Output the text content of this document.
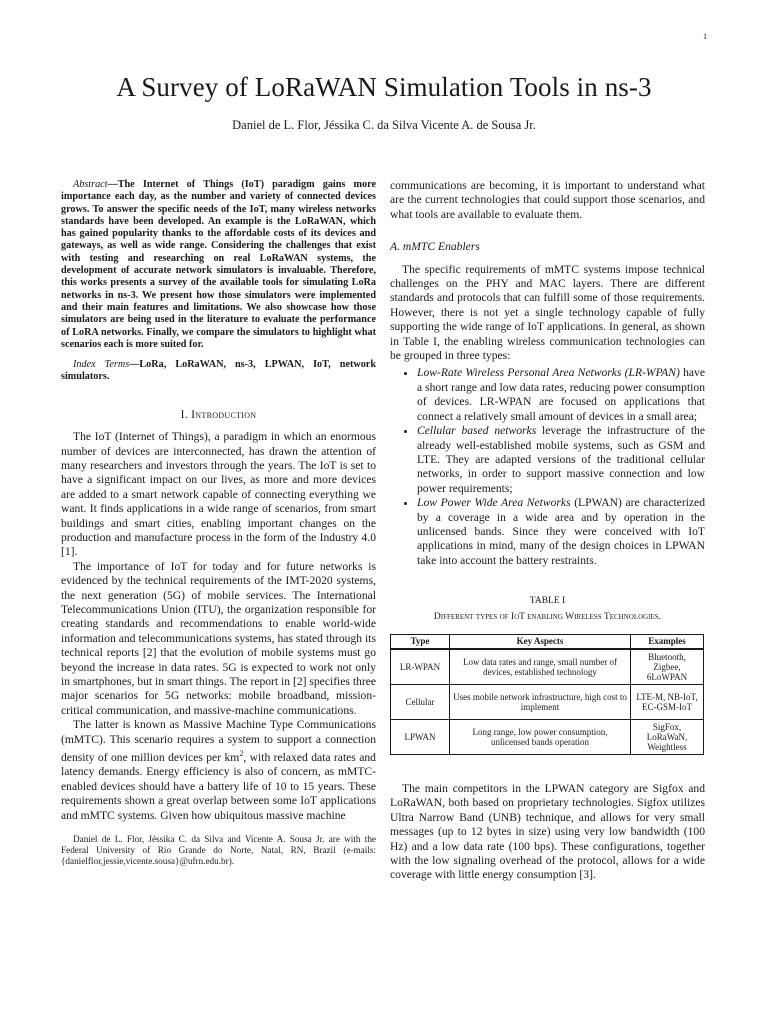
1
A Survey of LoRaWAN Simulation Tools in ns-3
Daniel de L. Flor, Jéssika C. da Silva Vicente A. de Sousa Jr.

Abstract—The Internet of Things (IoT) paradigm gains more importance each day, as the number and variety of connected devices grows. To answer the specific needs of the IoT, many wireless networks standards have been developed. An example is the LoRaWAN, which has gained popularity thanks to the affordable costs of its devices and gateways, as well as wide range. Considering the challenges that exist with testing and researching on real LoRaWAN systems, the development of accurate network simulators is invaluable. Therefore, this works presents a survey of the available tools for simulating LoRa networks in ns-3. We present how those simulators were implemented and their main features and limitations. We also showcase how those simulators are being used in the literature to evaluate the performance of LoRA networks. Finally, we compare the simulators to highlight what scenarios each is more suited for.

Index Terms—LoRa, LoRaWAN, ns-3, LPWAN, IoT, network simulators.

I. Introduction

The IoT (Internet of Things), a paradigm in which an enormous number of devices are interconnected, has drawn the attention of many researchers and investors through the years. The IoT is set to have a significant impact on our lives, as more and more devices are added to a smart network capable of connecting everything we want. It finds applications in a wide range of scenarios, from smart buildings and smart cities, enabling important changes on the production and manufacture process in the form of the Industry 4.0 [1].

The importance of IoT for today and for future networks is evidenced by the technical requirements of the IMT-2020 systems, the next generation (5G) of mobile services. The International Telecommunications Union (ITU), the organization responsible for creating standards and recommendations to enable world-wide information and telecommunications systems, has stated through its technical reports [2] that the evolution of mobile systems must go beyond the increase in data rates. 5G is expected to work not only in smartphones, but in smart things. The report in [2] specifies three major scenarios for 5G networks: mobile broadband, mission-critical communication, and massive-machine communications.

The latter is known as Massive Machine Type Communications (mMTC). This scenario requires a system to support a connection density of one million devices per $km^2$, with relaxed data rates and latency demands. Energy efficiency is also of concern, as mMTC-enabled devices should have a battery life of 10 to 15 years. These requirements shown a great overlap between some IoT applications and mMTC systems. Given how ubiquitous massive machine

Daniel de L. Flor, Jéssika C. da Silva and Vicente A. Sousa Jr. are with the Federal University of Rio Grande do Norte, Natal, RN, Brazil (e-mails: {danielflor,jessie,vicente.sousa}@ufrn.edu.br).

communications are becoming, it is important to understand what are the current technologies that could support those scenarios, and what tools are available to evaluate them.

A. mMTC Enablers

The specific requirements of mMTC systems impose technical challenges on the PHY and MAC layers. There are different standards and protocols that can fulfill some of those requirements. However, there is not yet a single technology capable of fully supporting the wide range of IoT applications. In general, as shown in Table I, the enabling wireless communication technologies can be grouped in three types:

• Low-Rate Wireless Personal Area Networks (LR-WPAN) have a short range and low data rates, reducing power consumption of devices. LR-WPAN are focused on applications that connect a relatively small amount of devices in a small area;
• Cellular based networks leverage the infrastructure of the already well-established mobile systems, such as GSM and LTE. They are adapted versions of the traditional cellular networks, in order to support massive connection and low power requirements;
• Low Power Wide Area Networks (LPWAN) are characterized by a coverage in a wide area and by operation in the unlicensed bands. Since they were conceived with IoT applications in mind, many of the design choices in LPWAN take into account the battery restraints.
TABLE I
Different types of IoT enabling Wireless Technologies.
Type	Key Aspects	Examples
LR-WPAN	Low data rates and range, small number of devices, established technology	Bluetooth, Zigbee, 6LoWPAN
Cellular	Uses mobile network infrastructure, high cost to implement	LTE-M, NB-IoT, EC-GSM-IoT
LPWAN	Long range, low power consumption, unlicensed bands operation	SigFox, LoRaWaN, Weightless

The main competitors in the LPWAN category are Sigfox and LoRaWAN, both based on proprietary technologies. Sigfox utilizes Ultra Narrow Band (UNB) technique, and allows for very small messages (up to 12 bytes in size) using very low bandwidth (100 Hz) and a low data rate (100 bps). These configurations, together with the low signaling overhead of the protocol, allows for a wide coverage with little energy consumption [3].
